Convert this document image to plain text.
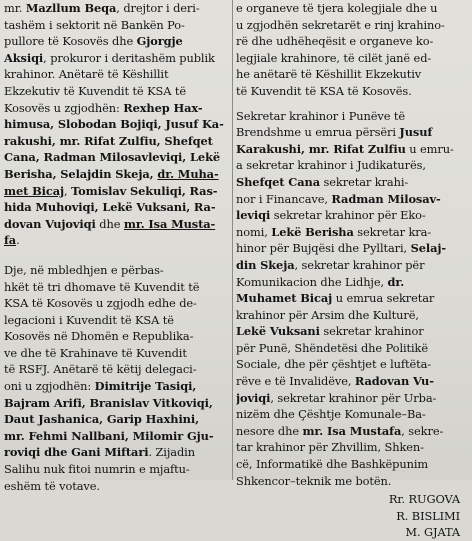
mr. Mazllum Beqa, drejtor i deri-
tashëm i sektorit në Bankën Po-
pullore të Kosovës dhe Gjorgje
Aksiqi, prokuror i deritashëm publik
krahinor. Anëtarë të Këshillit
Ekzekutiv të Kuvendit të KSA të
Kosovës u zgjodhën: Rexhep Hax-
himusa, Slobodan Bojiqi, Jusuf Ka-
rakushi, mr. Rifat Zulfiu, Shefqet
Cana, Radman Milosavleviqi, Lekë
Berisha, Selajdin Skeja, dr. Muha-
met Bicaj, Tomislav Sekuliqi, Ras-
hida Muhoviqi, Lekë Vuksani, Ra-
dovan Vujoviqi dhe mr. Isa Musta-
fa.
Dje, në mbledhjen e përbas-
hkët të tri dhomave të Kuvendit të
KSA të Kosovës u zgjodh edhe de-
legacioni i Kuvendit të KSA të
Kosovës në Dhomën e Republika-
ve dhe të Krahinave të Kuvendit
të RSFJ. Anëtarë të këtij delegaci-
oni u zgjodhën: Dimitrije Tasiqi,
Bajram Arifi, Branislav Vitkoviqi,
Daut Jashanica, Garip Haxhini,
mr. Fehmi Nallbani, Milomir Gju-
roviqi dhe Gani Miftari. Zijadin
Salihu nuk fitoi numrin e mjaftu-
eshëm të votave.
e organeve të tjera kolegjiale dhe u
u zgjodhën sekretarët e rinj krahino-
rë dhe udhëheqësit e organeve ko-
legjiale krahinore, të cilët janë ed-
he anëtarë të Këshillit Ekzekutiv
të Kuvendit të KSA të Kosovës.
Sekretar krahinor i Punëve të
Brendshme u emrua përsëri Jusuf
Karakushi, mr. Rifat Zulfiu u emru-
a sekretar krahinor i Judikaturës,
Shefqet Cana sekretar krahi-
nor i Financave, Radman Milosav-
leviqi sekretar krahinor për Eko-
nomi, Lekë Berisha sekretar kra-
hinor për Bujqësi dhe Pylltari, Selaj-
din Skeja, sekretar krahinor për
Komunikacion dhe Lidhje, dr.
Muhamet Bicaj u emrua sekretar
krahinor për Arsim dhe Kulturë,
Lekë Vuksani sekretar krahinor
për Punë, Shëndetësi dhe Politikë
Sociale, dhe për çështjet e luftëta-
rëve e të Invalidëve, Radovan Vu-
joviqi, sekretar krahinor për Urba-
nizëm dhe Çështje Komunale–Ba-
nesore dhe mr. Isa Mustafa, sekre-
tar krahinor për Zhvillim, Shken-
cë, Informatikë dhe Bashkëpunim
Shkencor–teknik me botën.
Rr. RUGOVA
R. BISLIMI
M. GJATA
